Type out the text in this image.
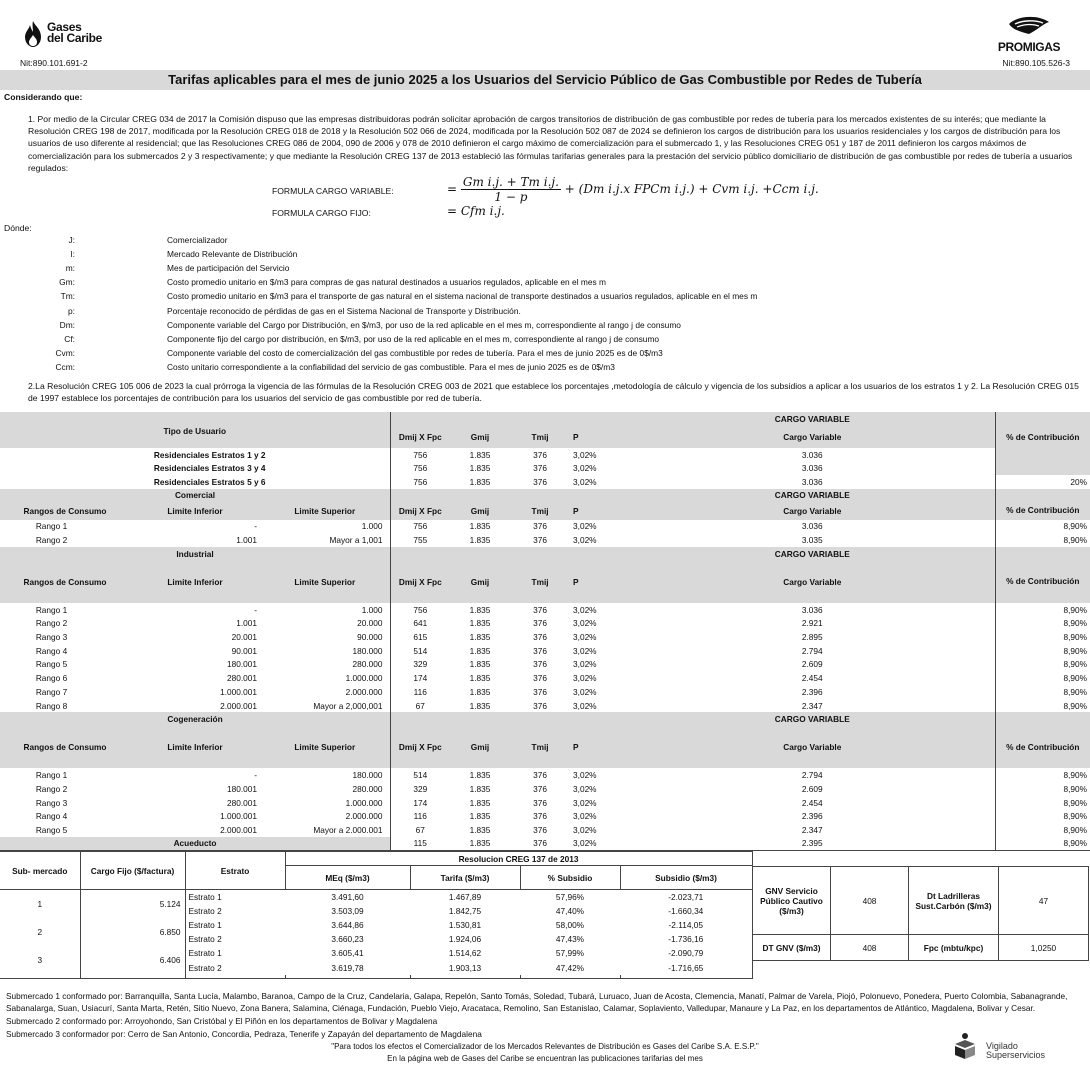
Gases
del Caribe
Nit:890.101.691-2
PROMIGAS
Nit:890.105.526-3
Tarifas aplicables para el mes de junio 2025 a los Usuarios del Servicio Público de Gas Combustible por Redes de Tubería
Considerando que:
1. Por medio de la Circular CREG 034 de 2017 la Comisión dispuso que las empresas distribuidoras podrán solicitar aprobación de cargos transitorios de distribución de gas combustible por redes de tubería para los mercados existentes de su interés; que mediante la Resolución CREG 198 de 2017, modificada por la Resolución CREG 018 de 2018 y la Resolución 502 066 de 2024, modificada por la Resolución 502 087 de 2024 se definieron los cargos de distribución para los usuarios residenciales y los cargos de distribución para los usuarios de uso diferente al residencial; que las Resoluciones CREG 086 de 2004, 090 de 2006 y 078 de 2010 definieron el cargo máximo de comercialización para el submercado 1, y las Resoluciones CREG 051 y 187 de 2011 definieron los cargos máximos de comercialización para los submercados 2 y 3 respectivamente; y que mediante la Resolución CREG 137 de 2013 estableció las fórmulas tarifarias generales para la prestación del servicio público domiciliario de distribución de gas combustible por redes de tubería a usuarios regulados:
FORMULA CARGO VARIABLE:	= $\frac{\text{Gm i.j. + Tm i.j.}}{1 - p} + (Dm$ i.j.x FPCm i.j.) + Cvm i.j. +Ccm i.j.
FORMULA CARGO FIJO:	= Cfm i.j.
Dónde:
J:	Comercializador
I:	Mercado Relevante de Distribución
m:	Mes de participación del Servicio
Gm:	Costo promedio unitario en $/m3 para compras de gas natural destinados a usuarios regulados, aplicable en el mes m
Tm:	Costo promedio unitario en $/m3 para el transporte de gas natural en el sistema nacional de transporte destinados a usuarios regulados, aplicable en el mes m
p:	Porcentaje reconocido de pérdidas de gas en el Sistema Nacional de Transporte y Distribución.
Dm:	Componente variable del Cargo por Distribución, en $/m3, por uso de la red aplicable en el mes m, correspondiente al rango j de consumo
Cf:	Componente fijo del cargo por distribución, en $/m3, por uso de la red aplicable en el mes m, correspondiente al rango j de consumo
Cvm:	Componente variable del costo de comercialización del gas combustible por redes de tubería. Para el mes de junio 2025 es de 0$/m3
Ccm:	Costo unitario correspondiente a la confiabilidad del servicio de gas combustible. Para el mes de junio 2025 es de 0$/m3
2.La Resolución CREG 105 006 de 2023 la cual prórroga la vigencia de las fórmulas de la Resolución CREG 003 de 2021 que establece los porcentajes ,metodología de cálculo y vigencia de los subsidios a aplicar a los usuarios de los estratos 1 y 2. La Resolución CREG 015 de 1997 establece los porcentajes de contribución para los usuarios del servicio de gas combustible por red de tubería.
							CARGO VARIABLE	
Tipo de Usuario			Dmij X Fpc	Gmij	Tmij	P	Cargo Variable	% de Contribución
Residenciales Estratos 1 y 2			756	1.835	376	3,02%	3.036	
Residenciales Estratos 3 y 4			756	1.835	376	3,02%	3.036	
Residenciales Estratos 5 y 6			756	1.835	376	3,02%	3.036	20%
	Comercial						CARGO VARIABLE	
Rangos de Consumo	Limite Inferior	Limite Superior	Dmij X Fpc	Gmij	Tmij	P	Cargo Variable	% de Contribución
Rango 1	-	1.000	756	1.835	376	3,02%	3.036	8,90%
Rango 2	1.001	Mayor a 1,001	755	1.835	376	3,02%	3.035	8,90%
	Industrial						CARGO VARIABLE	
Rangos de Consumo	Limite Inferior	Limite Superior	Dmij X Fpc	Gmij	Tmij	P	Cargo Variable	% de Contribución
Rango 1	-	1.000	756	1.835	376	3,02%	3.036	8,90%
Rango 2	1.001	20.000	641	1.835	376	3,02%	2.921	8,90%
Rango 3	20.001	90.000	615	1.835	376	3,02%	2.895	8,90%
Rango 4	90.001	180.000	514	1.835	376	3,02%	2.794	8,90%
Rango 5	180.001	280.000	329	1.835	376	3,02%	2.609	8,90%
Rango 6	280.001	1.000.000	174	1.835	376	3,02%	2.454	8,90%
Rango 7	1.000.001	2.000.000	116	1.835	376	3,02%	2.396	8,90%
Rango 8	2.000.001	Mayor a 2,000,001	67	1.835	376	3,02%	2.347	8,90%
	Cogeneración						CARGO VARIABLE	
Rangos de Consumo	Limite Inferior	Limite Superior	Dmij X Fpc	Gmij	Tmij	P	Cargo Variable	% de Contribución
Rango 1	-	180.000	514	1.835	376	3,02%	2.794	8,90%
Rango 2	180.001	280.000	329	1.835	376	3,02%	2.609	8,90%
Rango 3	280.001	1.000.000	174	1.835	376	3,02%	2.454	8,90%
Rango 4	1.000.001	2.000.000	116	1.835	376	3,02%	2.396	8,90%
Rango 5	2.000.001	Mayor a 2.000.001	67	1.835	376	3,02%	2.347	8,90%
	Acueducto		115	1.835	376	3,02%	2.395	8,90%
Sub- mercado	Cargo Fijo ($/factura)	Estrato	Resolucion CREG 137 de 2013			
			MEq ($/m3)	Tarifa ($/m3)	% Subsidio	Subsidio ($/m3)
1	5.124	Estrato 1	3.491,60	1.467,89	57,96%	-2.023,71
		Estrato 2	3.503,09	1.842,75	47,40%	-1.660,34
2	6.850	Estrato 1	3.644,86	1.530,81	58,00%	-2.114,05
		Estrato 2	3.660,23	1.924,06	47,43%	-1.736,16
3	6.406	Estrato 1	3.605,41	1.514,62	57,99%	-2.090,79
		Estrato 2	3.619,78	1.903,13	47,42%	-1.716,65

GNV Servicio Público Cautivo ($/m3)	408	Dt Ladrilleras Sust.Carbón ($/m3)	47
DT GNV ($/m3)	408	Fpc (mbtu/kpc)	1,0250
Submercado 1 conformado por: Barranquilla, Santa Lucía, Malambo, Baranoa, Campo de la Cruz, Candelaria, Galapa, Repelón, Santo Tomás, Soledad, Tubará, Luruaco, Juan de Acosta, Clemencia, Manatí, Palmar de Varela, Piojó, Polonuevo, Ponedera, Puerto Colombia, Sabanagrande, Sabanalarga, Suan, Usiacurí, Santa Marta, Retén, Sitio Nuevo, Zona Banera, Salamina, Ciénaga, Fundación, Pueblo Viejo, Aracataca, Remolino, San Estanislao, Calamar, Soplaviento, Valledupar, Manaure y La Paz, en los departamentos de Atlántico, Magdalena, Bolivar y Cesar.
Submercado 2 conformado por: Arroyohondo, San Cristóbal y El Piñón en los departamentos de Bolivar y Magdalena
Submercado 3 conformador por: Cerro de San Antonio, Concordia, Pedraza, Tenerife y Zapayán del departamento de Magdalena
"Para todos los efectos el Comercializador de los Mercados Relevantes de Distribución es Gases del Caribe S.A. E.S.P."
En la página web de Gases del Caribe se encuentran las publicaciones tarifarias del mes
Vigilado
Superservicios
